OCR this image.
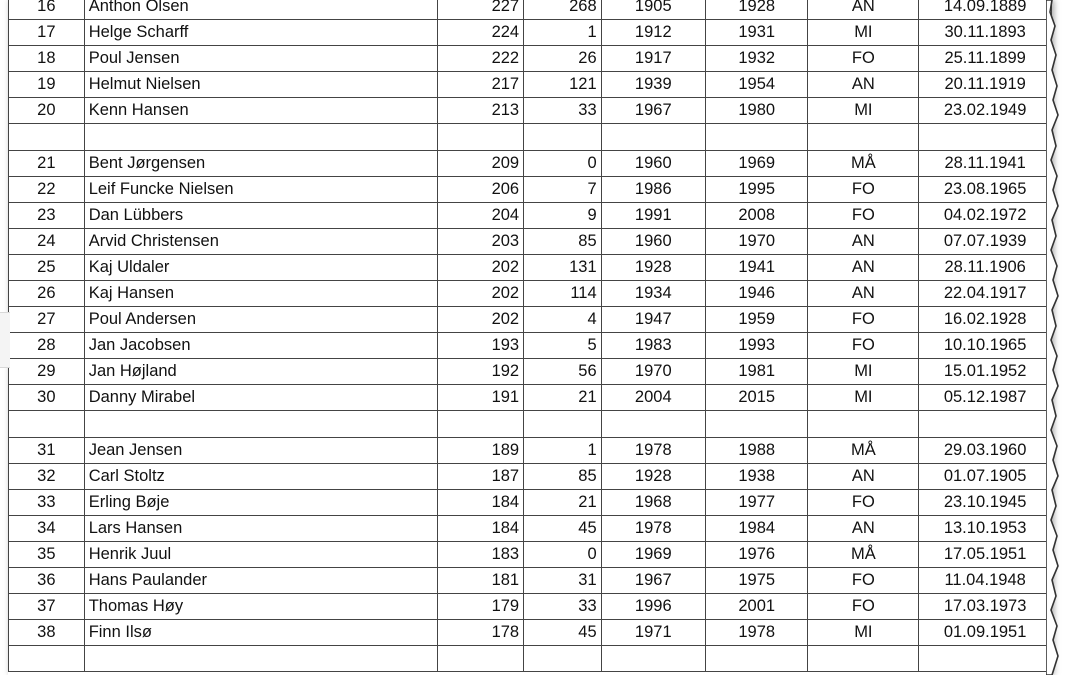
16	Anthon Olsen	227	268	1905	1928	AN	14.09.1889
17	Helge Scharff	224	1	1912	1931	MI	30.11.1893
18	Poul Jensen	222	26	1917	1932	FO	25.11.1899
19	Helmut Nielsen	217	121	1939	1954	AN	20.11.1919
20	Kenn Hansen	213	33	1967	1980	MI	23.02.1949

21	Bent Jørgensen	209	0	1960	1969	MÅ	28.11.1941
22	Leif Funcke Nielsen	206	7	1986	1995	FO	23.08.1965
23	Dan Lübbers	204	9	1991	2008	FO	04.02.1972
24	Arvid Christensen	203	85	1960	1970	AN	07.07.1939
25	Kaj Uldaler	202	131	1928	1941	AN	28.11.1906
26	Kaj Hansen	202	114	1934	1946	AN	22.04.1917
27	Poul Andersen	202	4	1947	1959	FO	16.02.1928
28	Jan Jacobsen	193	5	1983	1993	FO	10.10.1965
29	Jan Højland	192	56	1970	1981	MI	15.01.1952
30	Danny Mirabel	191	21	2004	2015	MI	05.12.1987

31	Jean Jensen	189	1	1978	1988	MÅ	29.03.1960
32	Carl Stoltz	187	85	1928	1938	AN	01.07.1905
33	Erling Bøje	184	21	1968	1977	FO	23.10.1945
34	Lars Hansen	184	45	1978	1984	AN	13.10.1953
35	Henrik Juul	183	0	1969	1976	MÅ	17.05.1951
36	Hans Paulander	181	31	1967	1975	FO	11.04.1948
37	Thomas Høy	179	33	1996	2001	FO	17.03.1973
38	Finn Ilsø	178	45	1971	1978	MI	01.09.1951
